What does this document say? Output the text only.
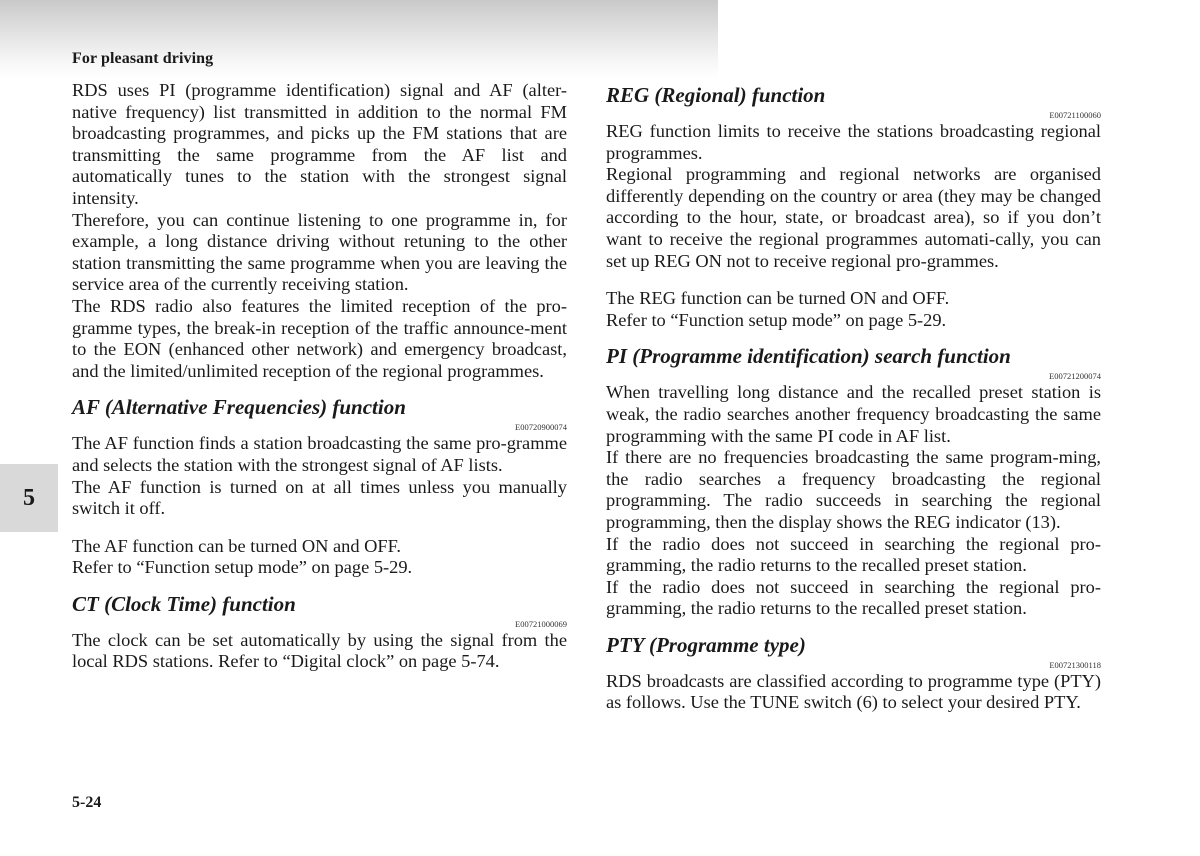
For pleasant driving
5

RDS uses PI (programme identification) signal and AF (alter-native frequency) list transmitted in addition to the normal FM broadcasting programmes, and picks up the FM stations that are transmitting the same programme from the AF list and automatically tunes to the station with the strongest signal intensity.

Therefore, you can continue listening to one programme in, for example, a long distance driving without retuning to the other station transmitting the same programme when you are leaving the service area of the currently receiving station.

The RDS radio also features the limited reception of the pro-gramme types, the break-in reception of the traffic announce-ment to the EON (enhanced other network) and emergency broadcast, and the limited/unlimited reception of the regional programmes.

AF (Alternative Frequencies) function
E00720900074

The AF function finds a station broadcasting the same pro-gramme and selects the station with the strongest signal of AF lists.

The AF function is turned on at all times unless you manually switch it off.

The AF function can be turned ON and OFF.

Refer to “Function setup mode” on page 5-29.

CT (Clock Time) function
E00721000069

The clock can be set automatically by using the signal from the local RDS stations. Refer to “Digital clock” on page 5-74.

REG (Regional) function
E00721100060

REG function limits to receive the stations broadcasting regional programmes.

Regional programming and regional networks are organised differently depending on the country or area (they may be changed according to the hour, state, or broadcast area), so if you don’t want to receive the regional programmes automati-cally, you can set up REG ON not to receive regional pro-grammes.

The REG function can be turned ON and OFF.

Refer to “Function setup mode” on page 5-29.

PI (Programme identification) search function
E00721200074

When travelling long distance and the recalled preset station is weak, the radio searches another frequency broadcasting the same programming with the same PI code in AF list.

If there are no frequencies broadcasting the same program-ming, the radio searches a frequency broadcasting the regional programming. The radio succeeds in searching the regional programming, then the display shows the REG indicator (13).

If the radio does not succeed in searching the regional pro-gramming, the radio returns to the recalled preset station.

If the radio does not succeed in searching the regional pro-gramming, the radio returns to the recalled preset station.

PTY (Programme type)
E00721300118

RDS broadcasts are classified according to programme type (PTY) as follows. Use the TUNE switch (6) to select your desired PTY.

5-24
